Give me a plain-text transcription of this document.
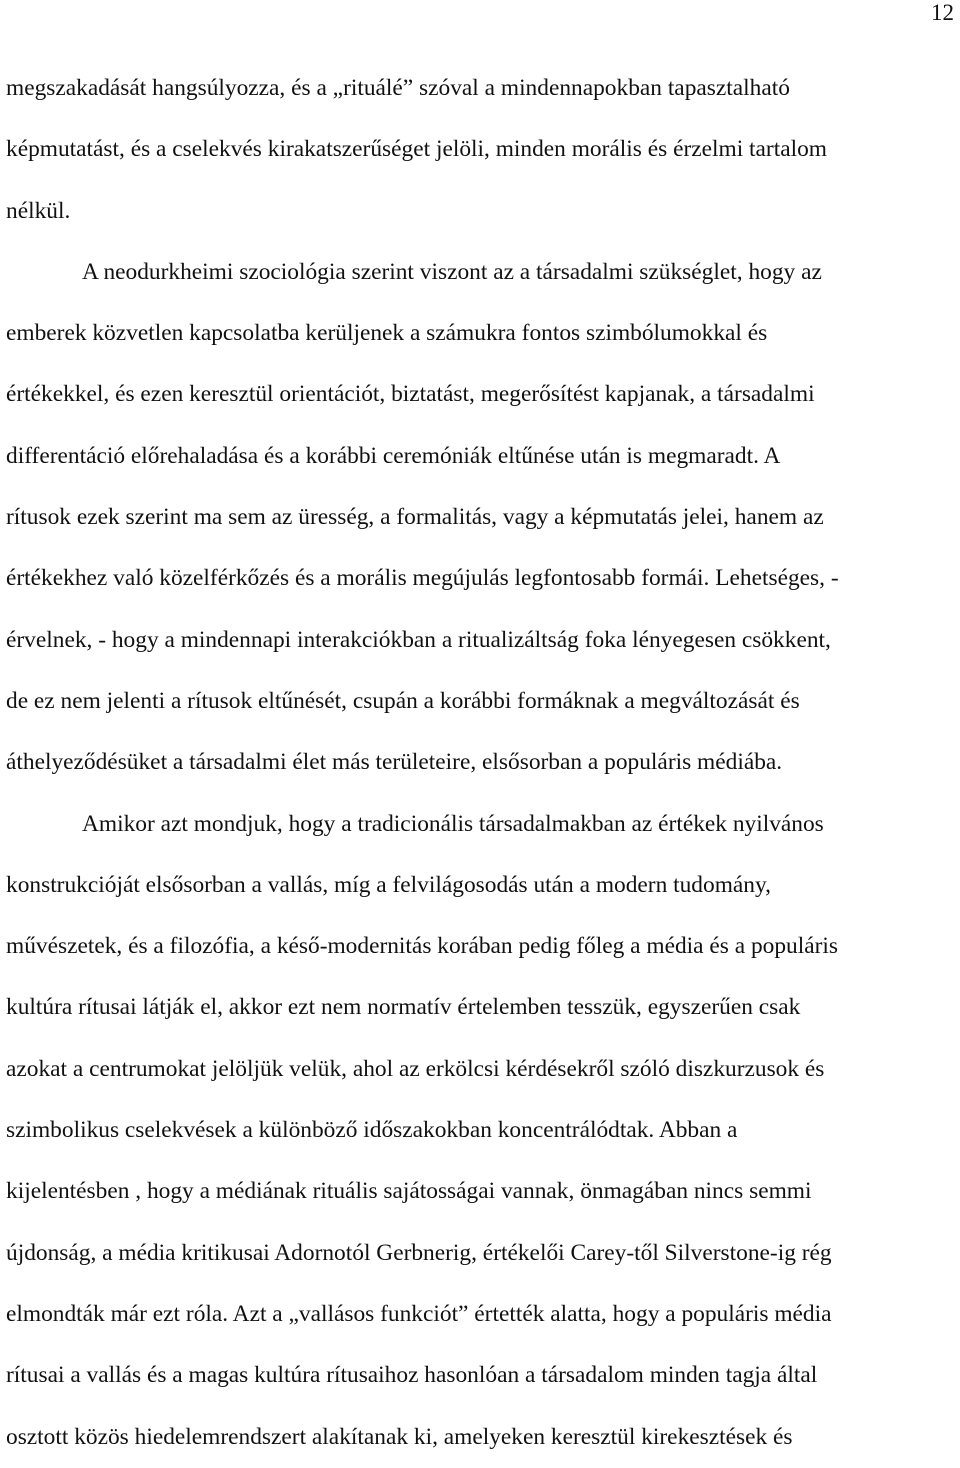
12
megszakadását hangsúlyozza, és a „rituálé” szóval a mindennapokban tapasztalható
képmutatást, és a cselekvés kirakatszerűséget jelöli, minden morális és érzelmi tartalom
nélkül.
A neodurkheimi szociológia szerint viszont az a társadalmi szükséglet, hogy az
emberek közvetlen kapcsolatba kerüljenek a számukra fontos szimbólumokkal és
értékekkel, és ezen keresztül orientációt, biztatást, megerősítést kapjanak, a társadalmi
differentáció előrehaladása és a korábbi ceremóniák eltűnése után is megmaradt. A
rítusok ezek szerint ma sem az üresség, a formalitás, vagy a képmutatás jelei, hanem az
értékekhez való közelférkőzés és a morális megújulás legfontosabb formái. Lehetséges, -
érvelnek, - hogy a mindennapi interakciókban a ritualizáltság foka lényegesen csökkent,
de ez nem jelenti a rítusok eltűnését, csupán a korábbi formáknak a megváltozását és
áthelyeződésüket a társadalmi élet más területeire, elsősorban a populáris médiába.
Amikor azt mondjuk, hogy a tradicionális társadalmakban az értékek nyilvános
konstrukcióját elsősorban a vallás, míg a felvilágosodás után a modern tudomány,
művészetek, és a filozófia, a késő-modernitás korában pedig főleg a média és a populáris
kultúra rítusai látják el, akkor ezt nem normatív értelemben tesszük, egyszerűen csak
azokat a centrumokat jelöljük velük, ahol az erkölcsi kérdésekről szóló diszkurzusok és
szimbolikus cselekvések a különböző időszakokban koncentrálódtak. Abban a
kijelentésben , hogy a médiának rituális sajátosságai vannak, önmagában nincs semmi
újdonság, a média kritikusai Adornotól Gerbnerig, értékelői Carey-től Silverstone-ig rég
elmondták már ezt róla. Azt a „vallásos funkciót” értették alatta, hogy a populáris média
rítusai a vallás és a magas kultúra rítusaihoz hasonlóan a társadalom minden tagja által
osztott közös hiedelemrendszert alakítanak ki, amelyeken keresztül kirekesztések és
